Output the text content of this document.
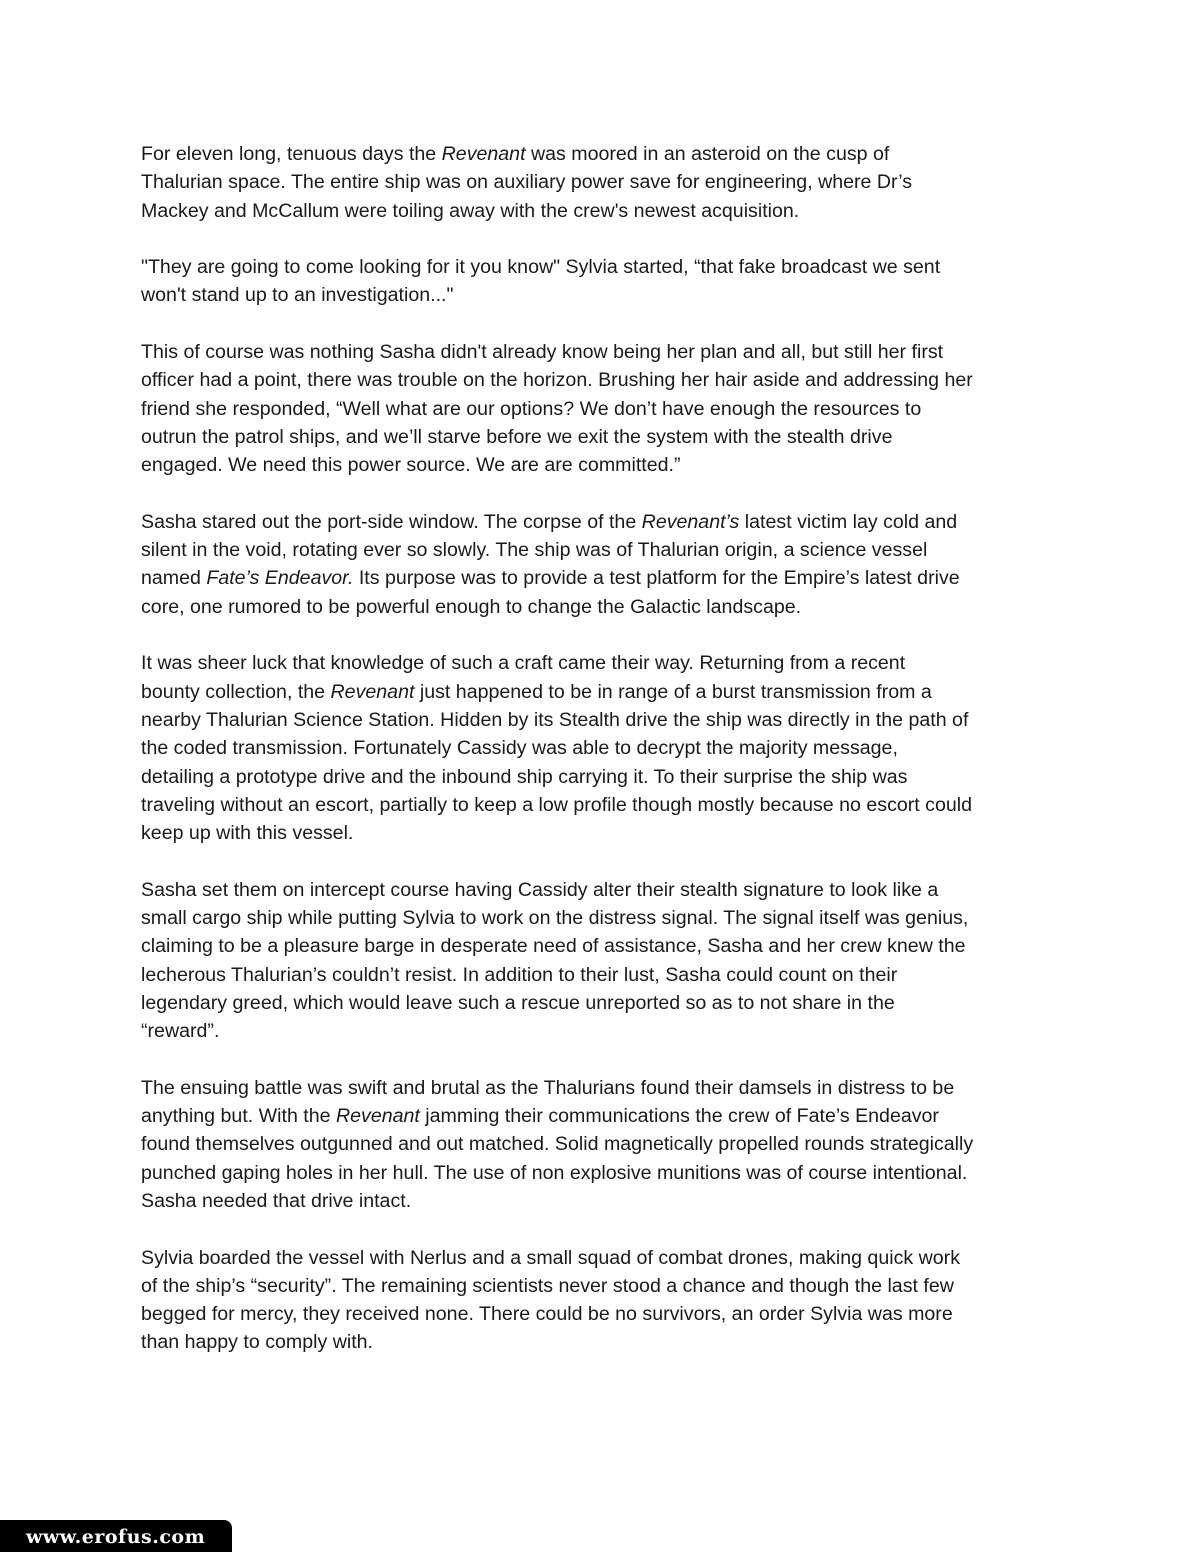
For eleven long, tenuous days the Revenant was moored in an asteroid on the cusp of
Thalurian space. The entire ship was on auxiliary power save for engineering, where Dr’s
Mackey and McCallum were toiling away with the crew's newest acquisition.

"They are going to come looking for it you know" Sylvia started, “that fake broadcast we sent
won't stand up to an investigation..."

This of course was nothing Sasha didn't already know being her plan and all, but still her first
officer had a point, there was trouble on the horizon. Brushing her hair aside and addressing her
friend she responded, “Well what are our options? We don’t have enough the resources to
outrun the patrol ships, and we’ll starve before we exit the system with the stealth drive
engaged. We need this power source. We are are committed.”

Sasha stared out the port-side window. The corpse of the Revenant’s latest victim lay cold and
silent in the void, rotating ever so slowly. The ship was of Thalurian origin, a science vessel
named Fate’s Endeavor. Its purpose was to provide a test platform for the Empire’s latest drive
core, one rumored to be powerful enough to change the Galactic landscape.

It was sheer luck that knowledge of such a craft came their way. Returning from a recent
bounty collection, the Revenant just happened to be in range of a burst transmission from a
nearby Thalurian Science Station. Hidden by its Stealth drive the ship was directly in the path of
the coded transmission. Fortunately Cassidy was able to decrypt the majority message,
detailing a prototype drive and the inbound ship carrying it. To their surprise the ship was
traveling without an escort, partially to keep a low profile though mostly because no escort could
keep up with this vessel.

Sasha set them on intercept course having Cassidy alter their stealth signature to look like a
small cargo ship while putting Sylvia to work on the distress signal. The signal itself was genius,
claiming to be a pleasure barge in desperate need of assistance, Sasha and her crew knew the
lecherous Thalurian’s couldn’t resist. In addition to their lust, Sasha could count on their
legendary greed, which would leave such a rescue unreported so as to not share in the
“reward”.

The ensuing battle was swift and brutal as the Thalurians found their damsels in distress to be
anything but. With the Revenant jamming their communications the crew of Fate’s Endeavor
found themselves outgunned and out matched. Solid magnetically propelled rounds strategically
punched gaping holes in her hull. The use of non explosive munitions was of course intentional.
Sasha needed that drive intact.

Sylvia boarded the vessel with Nerlus and a small squad of combat drones, making quick work
of the ship’s “security”. The remaining scientists never stood a chance and though the last few
begged for mercy, they received none. There could be no survivors, an order Sylvia was more
than happy to comply with.

www.erofus.com
